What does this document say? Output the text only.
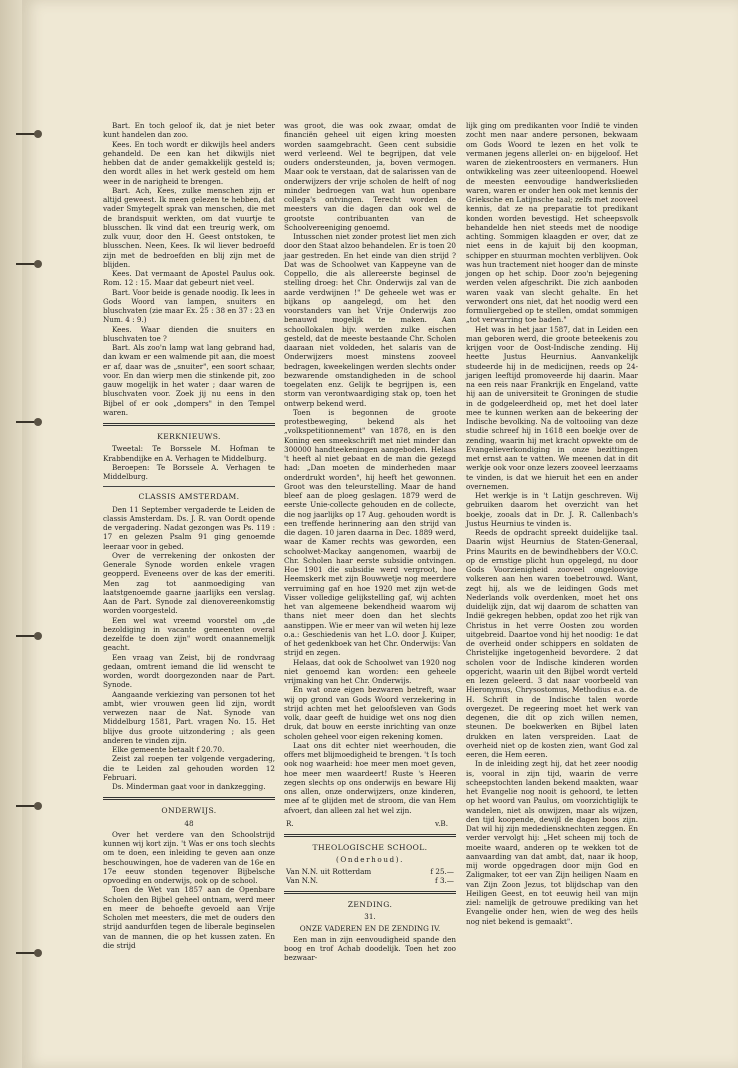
Bart. En toch geloof ik, dat je niet beter kunt handelen dan zoo.

Kees. En toch wordt er dikwijls heel anders gehandeld. De een kan het dikwijls niet hebben dat de ander gemakkelijk gesteld is; den wordt alles in het werk gesteld om hem weer in de narigheid te brengen.

Bart. Ach, Kees, zulke menschen zijn er altijd geweest. Ik meen gelezen te hebben, dat vader Smytegelt sprak van menschen, die met de brandspuit werkten, om dat vuurtje te blusschen. Ik vind dat een treurig werk, om zulk vuur, door den H. Geest ontstoken, te blusschen. Neen, Kees. Ik wil liever bedroefd zijn met de bedroefden en blij zijn met de blijden.

Kees. Dat vermaant de Apostel Paulus ook. Rom. 12 : 15. Maar dat gebeurt niet veel.

Bart. Voor beide is genade noodig. Ik lees in Gods Woord van lampen, snuiters en bluschvaten (zie maar Ex. 25 : 38 en 37 : 23 en Num. 4 : 9.)

Kees. Waar dienden die snuiters en bluschvaten toe ?

Bart. Als zoo'n lamp wat lang gebrand had, dan kwam er een walmende pit aan, die moest er af, daar was de „snuiter", een soort schaar, voor. En dan wierp men die stinkende pit, zoo gauw mogelijk in het water ; daar waren de bluschvaten voor. Zoek jij nu eens in den Bijbel of er ook „dompers" in den Tempel waren.

KERKNIEUWS.

Tweetal: Te Borssele M. Hofman te Krabbendijke en A. Verhagen te Middelburg.

Beroepen: Te Borssele A. Verhagen te Middelburg.

CLASSIS AMSTERDAM.

Den 11 September vergaderde te Leiden de classis Amsterdam. Ds. J. R. van Oordt opende de vergadering. Nadat gezongen was Ps. 119 : 17 en gelezen Psalm 91 ging genoemde leeraar voor in gebed.

Over de verrekening der onkosten der Generale Synode worden enkele vragen geopperd. Eveneens over de kas der emeriti. Men zag tot aanmoediging van laatstgenoemde gaarne jaarlijks een verslag. Aan de Part. Synode zal dienovereenkomstig worden voorgesteld.

Een wel wat vreemd voorstel om „de bezoldiging in vacante gemeenten overal dezelfde te doen zijn" wordt onaannemelijk geacht.

Een vraag van Zeist, bij de rondvraag gedaan, omtrent iemand die lid wenscht te worden, wordt doorgezonden naar de Part. Synode.

Aangaande verkiezing van personen tot het ambt, wier vrouwen geen lid zijn, wordt verwezen naar de Nat. Synode van Middelburg 1581, Part. vragen No. 15. Het blijve dus groote uitzondering ; als geen anderen te vinden zijn.

Elke gemeente betaalt f 20.70.

Zeist zal roepen ter volgende vergadering, die te Leiden zal gehouden worden 12 Februari.

Ds. Minderman gaat voor in dankzegging.

ONDERWIJS.
48

Over het verdere van den Schoolstrijd kunnen wij kort zijn. 't Was er ons toch slechts om te doen, een inleiding te geven aan onze beschouwingen, hoe de vaderen van de 16e en 17e eeuw stonden tegenover Bijbelsche opvoeding en onderwijs, ook op de school.

Toen de Wet van 1857 aan de Openbare Scholen den Bijbel geheel ontnam, werd meer en meer de behoefte gevoeld aan Vrije Scholen met meesters, die met de ouders den strijd aandurfden tegen de liberale beginselen van de mannen, die op het kussen zaten. En die strijd

was groot, die was ook zwaar, omdat de financiën geheel uit eigen kring moesten worden saamgebracht. Geen cent subsidie werd verleend. Wel te begrijpen, dat vele ouders ondersteunden, ja, boven vermogen. Maar ook te verstaan, dat de salarissen van de onderwijzers der vrije scholen de helft of nog minder bedroegen van wat hun openbare collega's ontvingen. Terecht worden de meesters van die dagen dan ook wel de grootste contribuanten van de Schoolvereeniging genoemd.

Intusschen niet zonder protest liet men zich door den Staat alzoo behandelen. Er is toen 20 jaar gestreden. En het einde van dien strijd ? Dat was de Schoolwet van Kappeyne van de Coppello, die als allereerste beginsel de stelling droeg: het Chr. Onderwijs zal van de aarde verdwijnen !" De geheele wet was er bijkans op aangelegd, om het den voorstanders van het Vrije Onderwijs zoo benauwd mogelijk te maken. Aan schoollokalen bijv. werden zulke eischen gesteld, dat de meeste bestaande Chr. Scholen daaraan niet voldeden, het salaris van de Onderwijzers moest minstens zooveel bedragen, kweekelingen werden slechts onder bezwarende omstandigheden in de school toegelaten enz. Gelijk te begrijpen is, een storm van verontwaardiging stak op, toen het ontwerp bekend werd.

Toen is begonnen de groote protestbeweging, bekend als het „volkspetitionnement" van 1878, en is den Koning een smeekschrift met niet minder dan 300000 handteekeningen aangeboden. Helaas 't heeft al niet gebaat en de man die gezegd had: „Dan moeten de minderheden maar onderdrukt worden", hij heeft het gewonnen. Groot was den teleurstelling. Maar de hand bleef aan de ploeg geslagen. 1879 werd de eerste Unie-collecte gehouden en de collecte, die nog jaarlijks op 17 Aug. gehouden wordt is een treffende herinnering aan den strijd van die dagen. 10 jaren daarna in Dec. 1889 werd, waar de Kamer rechts was geworden, een schoolwet-Mackay aangenomen, waarbij de Chr. Scholen haar eerste subsidie ontvingen. Hoe 1901 die subsidie werd vergroot, hoe Heemskerk met zijn Bouwwetje nog meerdere verruiming gaf en hoe 1920 met zijn wet-de Visser volledige gelijkstelling gaf, wij achten het van algemeene bekendheid waarom wij thans niet meer doen dan het slechts aanstippen. Wie er meer van wil weten hij leze o.a.: Geschiedenis van het L.O. door J. Kuiper, of het gedenkboek van het Chr. Onderwijs: Van strijd en zegen.

Helaas, dat ook de Schoolwet van 1920 nog niet genoemd kan worden: een geheele vrijmaking van het Chr. Onderwijs.

En wat onze eigen bezwaren betreft, waar wij op grond van Gods Woord verzekering in strijd achten met het geloofsleven van Gods volk, daar geeft de huidige wet ons nog dien druk, dat bouw en eerste inrichting van onze scholen geheel voor eigen rekening komen.

Laat ons dit echter niet weerhouden, die offers met blijmoedigheid te brengen. 't Is toch ook nog waarheid: hoe meer men moet geven, hoe meer men waardeert! Ruste 's Heeren zegen slechts op ons onderwijs en beware Hij ons allen, onze onderwijzers, onze kinderen, mee af te glijden met de stroom, die van Hem afvoert, dan alleen zal het wel zijn.

R.	v.B.
THEOLOGISCHE SCHOOL.
(Onderhoud).
Van N.N. uit Rotterdam	f 25.—
Van N.N.	f 3.—
ZENDING.
31.
ONZE VADEREN EN DE ZENDING IV.

Een man in zijn eenvoudigheid spande den boog en trof Achab doodelijk. Toen het zoo bezwaar-

lijk ging om predikanten voor Indië te vinden zocht men naar andere personen, bekwaam om Gods Woord te lezen en het volk te vermanen jegens allerlei on- en bijgeloof. Het waren de ziekentroosters en vermaners. Hun ontwikkeling was zeer uiteenloopend. Hoewel de meesten eenvoudige handwerkslieden waren, waren er onder hen ook met kennis der Grieksche en Latijnsche taal; zelfs met zooveel kennis, dat ze na preparatie tot predikant konden worden bevestigd. Het scheepsvolk behandelde hen niet steeds met de noodige achting. Sommigen klaagden er over, dat ze niet eens in de kajuit bij den koopman, schipper en stuurman mochten verblijven. Ook was hun tractement niet hooger dan de minste jongen op het schip. Door zoo'n bejegening werden velen afgeschrikt. Die zich aanboden waren vaak van slecht gehalte. En het verwondert ons niet, dat het noodig werd een formuliergebed op te stellen, omdat sommigen „tot verwarring toe baden."

Het was in het jaar 1587, dat in Leiden een man geboren werd, die groote beteekenis zou krijgen voor de Oost-Indische zending. Hij heette Justus Heurnius. Aanvankelijk studeerde hij in de medicijnen, reeds op 24-jarigen leeftijd promoveerde hij daarin. Maar na een reis naar Frankrijk en Engeland, vatte hij aan de universiteit te Groningen de studie in de godgeleerdheid op, met het doel later mee te kunnen werken aan de bekeering der Indische bevolking. Na de voltooiing van deze studie schreef hij in 1618 een boekje over de zending, waarin hij met kracht opwekte om de Evangelieverkondiging in onze bezittingen met ernst aan te vatten. We meenen dat in dit werkje ook voor onze lezers zooveel leerzaams te vinden, is dat we hieruit het een en ander overnemen.

Het werkje is in 't Latijn geschreven. Wij gebruiken daarom het overzicht van het boekje, zooals dat in Dr. J. R. Callenbach's Justus Heurnius te vinden is.

Reeds de opdracht spreekt duidelijke taal. Daarin wijst Heurnius de Staten-Generaal, Prins Maurits en de bewindhebbers der V.O.C. op de ernstige plicht hun opgelegd, nu door Gods Voorzienigheid zooveel ongeloovige volkeren aan hen waren toebetrouwd. Want, zegt hij, als we de leidingen Gods met Nederlands volk overdenken, moet het ons duidelijk zijn, dat wij daarom de schatten van Indië gekregen hebben, opdat zoo het rijk van Christus in het verre Oosten zou worden uitgebreid. Daartoe vond hij het noodig: 1e dat de overheid onder schippers en soldaten de Christelijke ingetogenheid bevordere. 2 dat scholen voor de Indische kinderen worden opgericht, waarin uit den Bijbel wordt verteld en lezen geleerd. 3 dat naar voorbeeld van Hieronymus, Chrysostomus, Methodius e.a. de H. Schrift in de Indische talen worde overgezet. De regeering moet het werk van degenen, die dit op zich willen nemen, steunen. De boekwerken en Bijbel laten drukken en laten verspreiden. Laat de overheid niet op de kosten zien, want God zal eeren, die Hem eeren.

In de inleiding zegt hij, dat het zeer noodig is, vooral in zijn tijd, waarin de verre scheepstochten landen bekend maakten, waar het Evangelie nog nooit is gehoord, te letten op het woord van Paulus, om voorzichtiglijk te wandelen, niet als onwijzen, maar als wijzen, den tijd koopende, dewijl de dagen boos zijn. Dat wil hij zijn medediensknechten zeggen. En verder vervolgt hij: „Het scheen mij toch de moeite waard, anderen op te wekken tot de aanvaarding van dat ambt, dat, naar ik hoop, mij worde opgedragen door mijn God en Zaligmaker, tot eer van Zijn heiligen Naam en van Zijn Zoon Jezus, tot blijdschap van den Heiligen Geest, en tot eeuwig heil van mijn ziel: namelijk de getrouwe prediking van het Evangelie onder hen, wien de weg des heils nog niet bekend is gemaakt".
